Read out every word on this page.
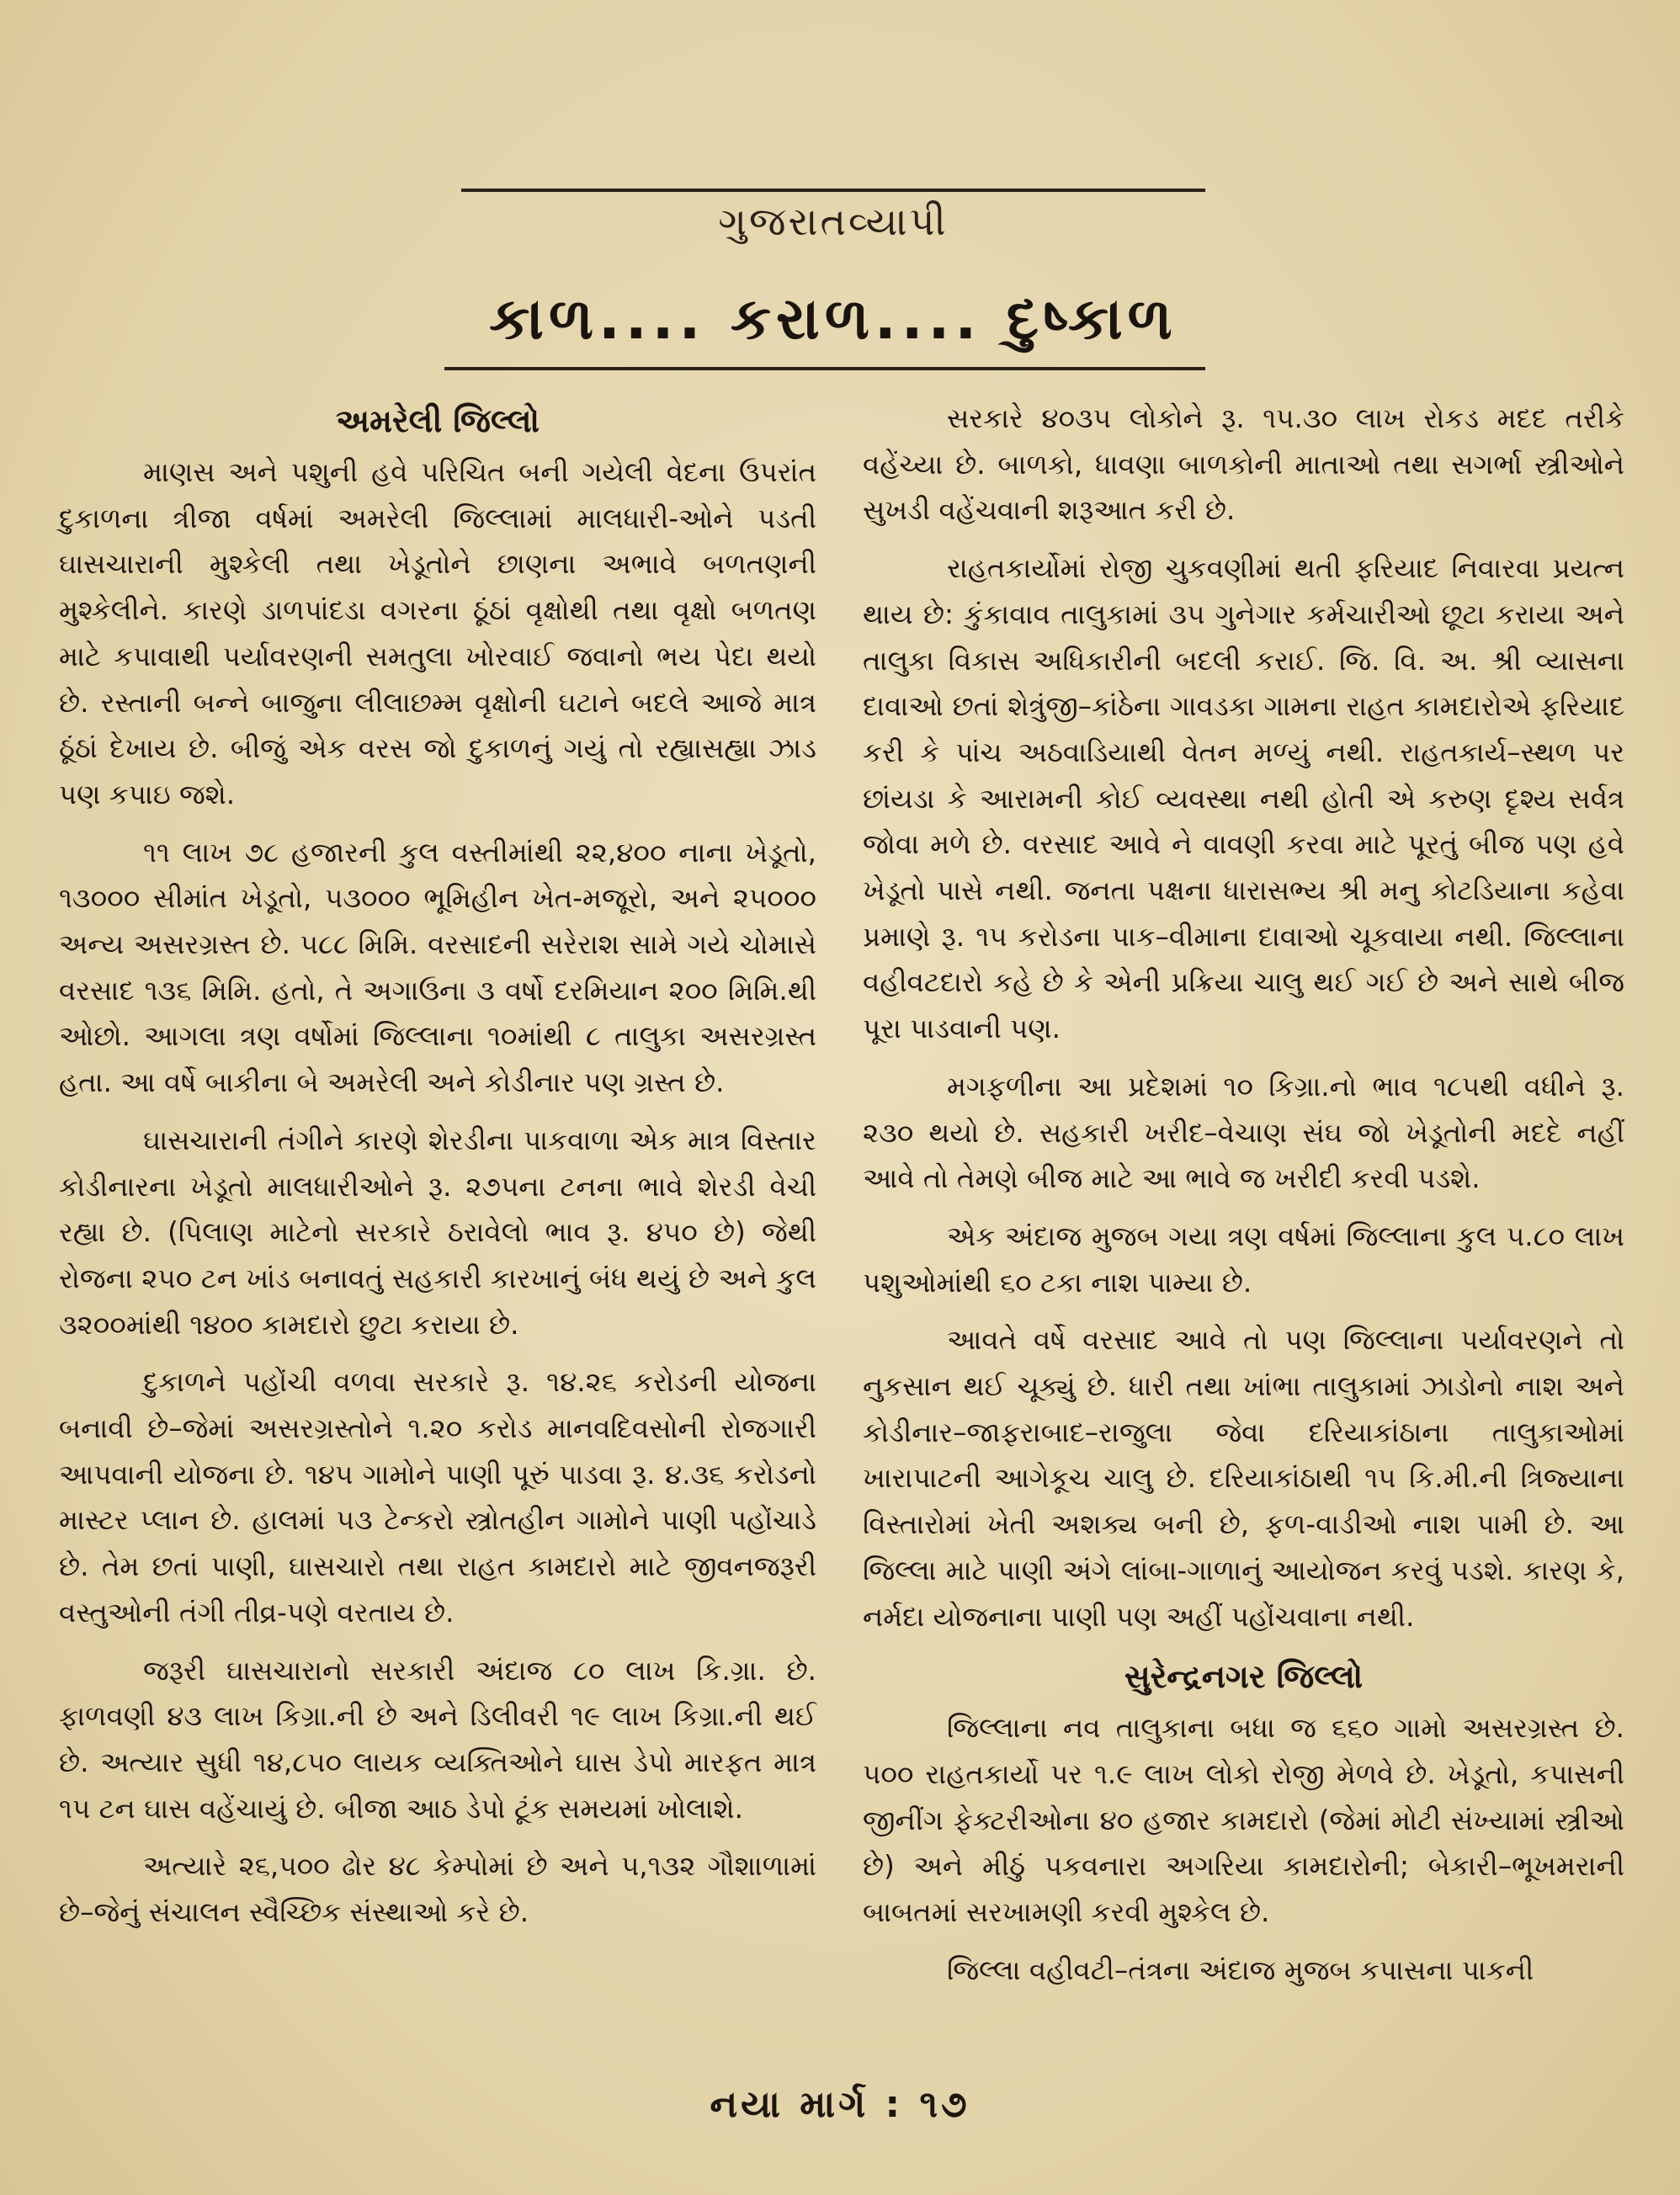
ગુજરાતવ્યાપી
કાળ.... કરાળ.... દુષ્કાળ
અમરેલી જિલ્લો

માણસ અને પશુની હવે પરિચિત બની ગયેલી વેદના ઉપરાંત દુકાળના ત્રીજા વર્ષમાં અમરેલી જિલ્લામાં માલધારી-ઓને પડતી ઘાસચારાની મુશ્કેલી તથા ખેડૂતોને છાણના અભાવે બળતણની મુશ્કેલીને. કારણે ડાળપાંદડા વગરના ઠૂંઠાં વૃક્ષોથી તથા વૃક્ષો બળતણ માટે કપાવાથી પર્યાવરણની સમતુલા ખોરવાઈ જવાનો ભય પેદા થયો છે. રસ્તાની બન્ને બાજુના લીલાછમ્મ વૃક્ષોની ઘટાને બદલે આજે માત્ર ઠૂંઠાં દેખાય છે. બીજું એક વરસ જો દુકાળનું ગયું તો રહ્યાસહ્યા ઝાડ પણ કપાઇ જશે.

૧૧ લાખ ૭૮ હજારની કુલ વસ્તીમાંથી ૨૨,૪૦૦ નાના ખેડૂતો, ૧૩૦૦૦ સીમાંત ખેડૂતો, ૫૩૦૦૦ ભૂમિહીન ખેત-મજૂરો, અને ૨૫૦૦૦ અન્ય અસરગ્રસ્ત છે. ૫૮૮ મિમિ. વરસાદની સરેરાશ સામે ગયે ચોમાસે વરસાદ ૧૩૬ મિમિ. હતો, તે અગાઉના ૩ વર્ષો દરમિયાન ૨૦૦ મિમિ.થી ઓછો. આગલા ત્રણ વર્ષોમાં જિલ્લાના ૧૦માંથી ૮ તાલુકા અસરગ્રસ્ત હતા. આ વર્ષે બાકીના બે અમરેલી અને કોડીનાર પણ ગ્રસ્ત છે.

ઘાસચારાની તંગીને કારણે શેરડીના પાકવાળા એક માત્ર વિસ્તાર કોડીનારના ખેડૂતો માલધારીઓને રૂ. ૨૭૫ના ટનના ભાવે શેરડી વેચી રહ્યા છે. (પિલાણ માટેનો સરકારે ઠરાવેલો ભાવ રૂ. ૪૫૦ છે) જેથી રોજના ૨૫૦ ટન ખાંડ બનાવતું સહકારી કારખાનું બંધ થયું છે અને કુલ ૩૨૦૦માંથી ૧૪૦૦ કામદારો છુટા કરાયા છે.

દુકાળને પહોંચી વળવા સરકારે રૂ. ૧૪.૨૬ કરોડની યોજના બનાવી છે–જેમાં અસરગ્રસ્તોને ૧.૨૦ કરોડ માનવદિવસોની રોજગારી આપવાની યોજના છે. ૧૪૫ ગામોને પાણી પૂરું પાડવા રૂ. ૪.૩૬ કરોડનો માસ્ટર પ્લાન છે. હાલમાં ૫૩ ટેન્કરો સ્ત્રોતહીન ગામોને પાણી પહોંચાડે છે. તેમ છતાં પાણી, ઘાસચારો તથા રાહત કામદારો માટે જીવનજરૂરી વસ્તુઓની તંગી તીવ્ર-પણે વરતાય છે.

જરૂરી ઘાસચારાનો સરકારી અંદાજ ૮૦ લાખ કિ.ગ્રા. છે. ફાળવણી ૪૩ લાખ કિગ્રા.ની છે અને ડિલીવરી ૧૯ લાખ કિગ્રા.ની થઈ છે. અત્યાર સુધી ૧૪,૮૫૦ લાયક વ્યક્તિઓને ઘાસ ડેપો મારફત માત્ર ૧૫ ટન ઘાસ વહેંચાયું છે. બીજા આઠ ડેપો ટૂંક સમયમાં ખોલાશે.

અત્યારે ૨૬,૫૦૦ ઢોર ૪૮ કેમ્પોમાં છે અને ૫,૧૩૨ ગૌશાળામાં છે–જેનું સંચાલન સ્વૈચ્છિક સંસ્થાઓ કરે છે.

સરકારે ૪૦૩૫ લોકોને રૂ. ૧૫.૩૦ લાખ રોકડ મદદ તરીકે વહેંચ્યા છે. બાળકો, ધાવણા બાળકોની માતાઓ તથા સગર્ભા સ્ત્રીઓને સુખડી વહેંચવાની શરૂઆત કરી છે.

રાહતકાર્યોમાં રોજી ચુકવણીમાં થતી ફરિયાદ નિવારવા પ્રયત્ન થાય છે: કુંકાવાવ તાલુકામાં ૩૫ ગુનેગાર કર્મચારીઓ છૂટા કરાયા અને તાલુકા વિકાસ અધિકારીની બદલી કરાઈ. જિ. વિ. અ. શ્રી વ્યાસના દાવાઓ છતાં શેત્રુંજી–કાંઠેના ગાવડકા ગામના રાહત કામદારોએ ફરિયાદ કરી કે પાંચ અઠવાડિયાથી વેતન મળ્યું નથી. રાહતકાર્ય–સ્થળ પર છાંયડા કે આરામની કોઈ વ્યવસ્થા નથી હોતી એ કરુણ દૃશ્ય સર્વત્ર જોવા મળે છે. વરસાદ આવે ને વાવણી કરવા માટે પૂરતું બીજ પણ હવે ખેડૂતો પાસે નથી. જનતા પક્ષના ધારાસભ્ય શ્રી મનુ કોટડિયાના કહેવા પ્રમાણે રૂ. ૧૫ કરોડના પાક–વીમાના દાવાઓ ચૂકવાયા નથી. જિલ્લાના વહીવટદારો કહે છે કે એની પ્રક્રિયા ચાલુ થઈ ગઈ છે અને સાથે બીજ પૂરા પાડવાની પણ.

મગફળીના આ પ્રદેશમાં ૧૦ કિગ્રા.નો ભાવ ૧૮૫થી વધીને રૂ. ૨૩૦ થયો છે. સહકારી ખરીદ–વેચાણ સંઘ જો ખેડૂતોની મદદે નહીં આવે તો તેમણે બીજ માટે આ ભાવે જ ખરીદી કરવી પડશે.

એક અંદાજ મુજબ ગયા ત્રણ વર્ષમાં જિલ્લાના કુલ ૫.૮૦ લાખ પશુઓમાંથી ૬૦ ટકા નાશ પામ્યા છે.

આવતે વર્ષે વરસાદ આવે તો પણ જિલ્લાના પર્યાવરણને તો નુકસાન થઈ ચૂક્યું છે. ધારી તથા ખાંભા તાલુકામાં ઝાડોનો નાશ અને કોડીનાર–જાફરાબાદ–રાજુલા જેવા દરિયાકાંઠાના તાલુકાઓમાં ખારાપાટની આગેકૂચ ચાલુ છે. દરિયાકાંઠાથી ૧૫ કિ.મી.ની ત્રિજ્યાના વિસ્તારોમાં ખેતી અશક્ય બની છે, ફળ-વાડીઓ નાશ પામી છે. આ જિલ્લા માટે પાણી અંગે લાંબા-ગાળાનું આયોજન કરવું પડશે. કારણ કે, નર્મદા યોજનાના પાણી પણ અહીં પહોંચવાના નથી.

સુરેન્દ્રનગર જિલ્લો

જિલ્લાના નવ તાલુકાના બધા જ ૬૬૦ ગામો અસરગ્રસ્ત છે. ૫૦૦ રાહતકાર્યો પર ૧.૯ લાખ લોકો રોજી મેળવે છે. ખેડૂતો, કપાસની જીનીંગ ફેક્ટરીઓના ૪૦ હજાર કામદારો (જેમાં મોટી સંખ્યામાં સ્ત્રીઓ છે) અને મીઠું પકવનારા અગરિયા કામદારોની; બેકારી–ભૂખમરાની બાબતમાં સરખામણી કરવી મુશ્કેલ છે.

જિલ્લા વહીવટી–તંત્રના અંદાજ મુજબ કપાસના પાકની

નયા માર્ગ : ૧૭
